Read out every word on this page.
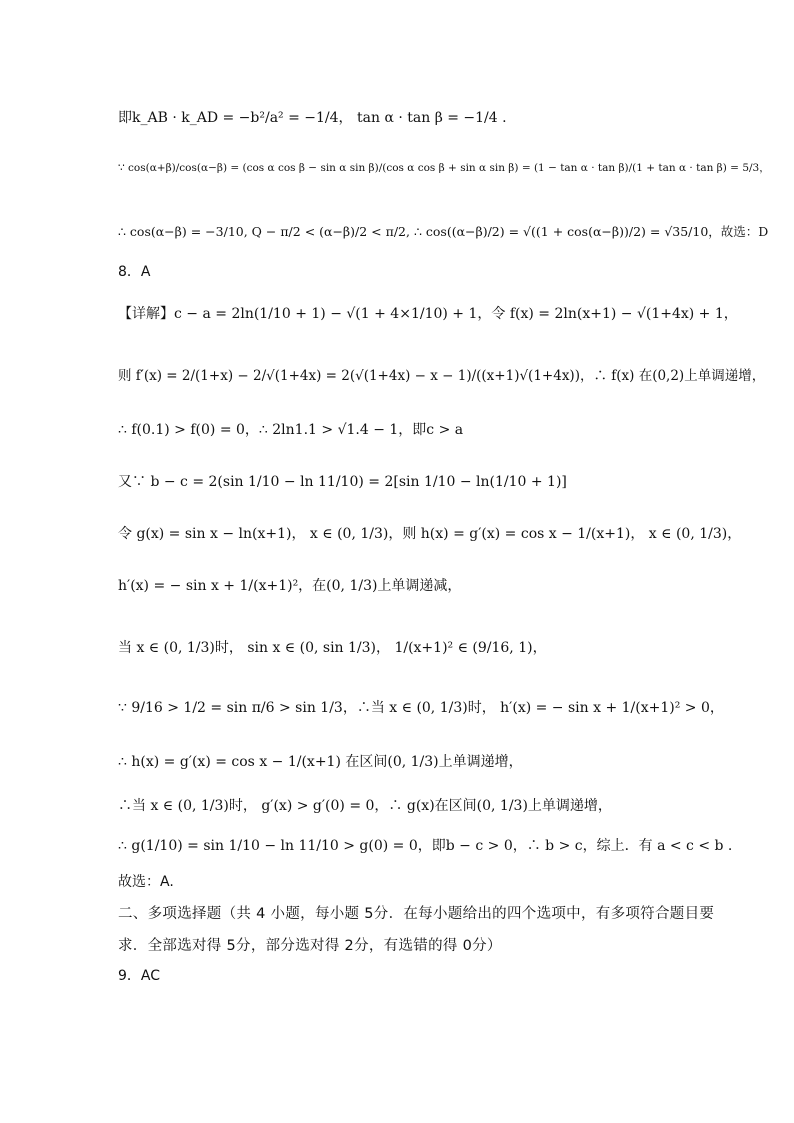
即k_AB · k_AD = −b²/a² = −1/4， tan α · tan β = −1/4 .
∵ cos(α+β)/cos(α−β) = (cos α cos β − sin α sin β)/(cos α cos β + sin α sin β) = (1 − tan α · tan β)/(1 + tan α · tan β) = 5/3，
∴ cos(α−β) = −3/10, Q − π/2 < (α−β)/2 < π/2, ∴ cos((α−β)/2) = √((1 + cos(α−β))/2) = √35/10，故选：D
8．A
【详解】c − a = 2ln(1/10 + 1) − √(1 + 4×1/10) + 1，令 f(x) = 2ln(x+1) − √(1+4x) + 1，
则 f′(x) = 2/(1+x) − 2/√(1+4x) = 2(√(1+4x) − x − 1)/((x+1)√(1+4x))，∴ f(x) 在(0,2)上单调递增，
∴ f(0.1) > f(0) = 0，∴ 2ln1.1 > √1.4 − 1，即c > a
又∵ b − c = 2(sin 1/10 − ln 11/10) = 2[sin 1/10 − ln(1/10 + 1)]
令 g(x) = sin x − ln(x+1)， x ∈ (0, 1/3)，则 h(x) = g′(x) = cos x − 1/(x+1)， x ∈ (0, 1/3)，
h′(x) = − sin x + 1/(x+1)²，在(0, 1/3)上单调递减，
当 x ∈ (0, 1/3)时， sin x ∈ (0, sin 1/3)， 1/(x+1)² ∈ (9/16, 1)，
∵ 9/16 > 1/2 = sin π/6 > sin 1/3，∴当 x ∈ (0, 1/3)时， h′(x) = − sin x + 1/(x+1)² > 0，
∴ h(x) = g′(x) = cos x − 1/(x+1) 在区间(0, 1/3)上单调递增，
∴当 x ∈ (0, 1/3)时， g′(x) > g′(0) = 0，∴ g(x)在区间(0, 1/3)上单调递增，
∴ g(1/10) = sin 1/10 − ln 11/10 > g(0) = 0，即b − c > 0，∴ b > c，综上．有 a < c < b .
故选：A.
二、多项选择题（共 4 小题，每小题 5分．在每小题给出的四个选项中，有多项符合题目要
求．全部选对得 5分，部分选对得 2分，有选错的得 0分）
9．AC
